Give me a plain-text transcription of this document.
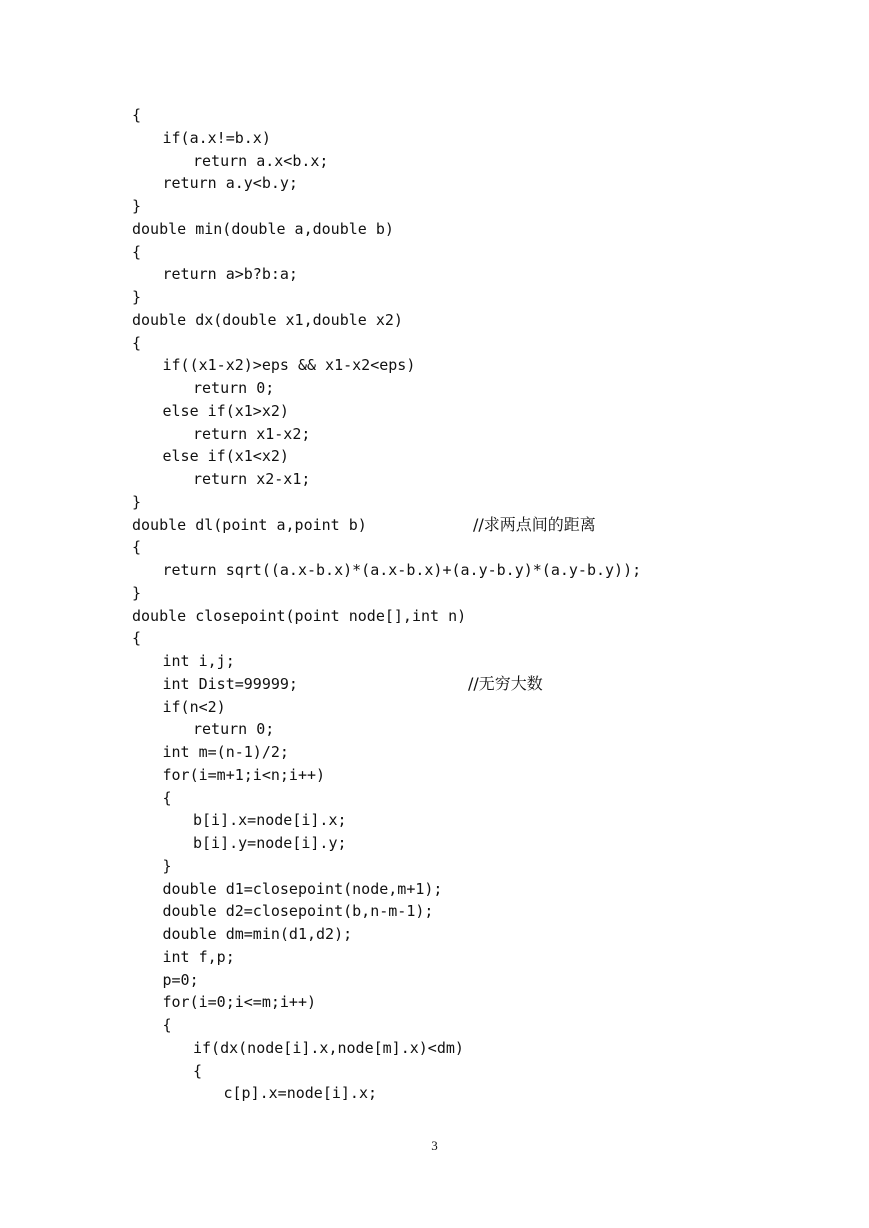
{
if(a.x!=b.x)
return a.x<b.x;
return a.y<b.y;
}
double min(double a,double b)
{
return a>b?b:a;
}
double dx(double x1,double x2)
{
if((x1-x2)>eps && x1-x2<eps)
return 0;
else if(x1>x2)
return x1-x2;
else if(x1<x2)
return x2-x1;
}
double dl(point a,point b)	//求两点间的距离
{
return sqrt((a.x-b.x)*(a.x-b.x)+(a.y-b.y)*(a.y-b.y));
}
double closepoint(point node[],int n)
{
int i,j;
int Dist=99999;	//无穷大数
if(n<2)
return 0;
int m=(n-1)/2;
for(i=m+1;i<n;i++)
{
b[i].x=node[i].x;
b[i].y=node[i].y;
}
double d1=closepoint(node,m+1);
double d2=closepoint(b,n-m-1);
double dm=min(d1,d2);
int f,p;
p=0;
for(i=0;i<=m;i++)
{
if(dx(node[i].x,node[m].x)<dm)
{
c[p].x=node[i].x;
3
